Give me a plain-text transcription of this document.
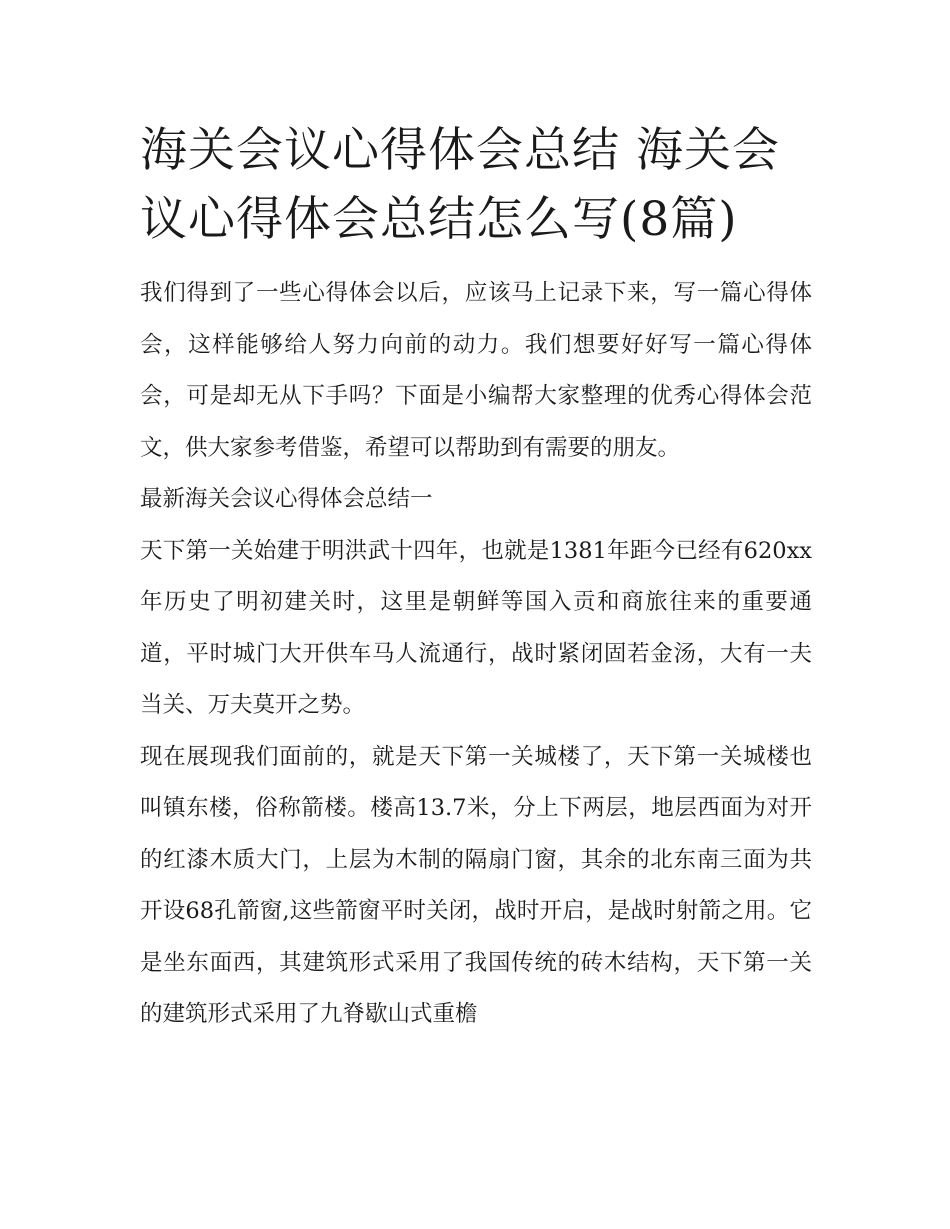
海关会议心得体会总结 海关会议心得体会总结怎么写(8篇)

我们得到了一些心得体会以后，应该马上记录下来，写一篇心得体会，这样能够给人努力向前的动力。我们想要好好写一篇心得体会，可是却无从下手吗？下面是小编帮大家整理的优秀心得体会范文，供大家参考借鉴，希望可以帮助到有需要的朋友。

最新海关会议心得体会总结一

天下第一关始建于明洪武十四年，也就是1381年距今已经有620xx年历史了明初建关时，这里是朝鲜等国入贡和商旅往来的重要通道，平时城门大开供车马人流通行，战时紧闭固若金汤，大有一夫当关、万夫莫开之势。

现在展现我们面前的，就是天下第一关城楼了，天下第一关城楼也叫镇东楼，俗称箭楼。楼高13.7米，分上下两层，地层西面为对开的红漆木质大门，上层为木制的隔扇门窗，其余的北东南三面为共开设68孔箭窗,这些箭窗平时关闭，战时开启，是战时射箭之用。它是坐东面西，其建筑形式采用了我国传统的砖木结构，天下第一关的建筑形式采用了九脊歇山式重檐
